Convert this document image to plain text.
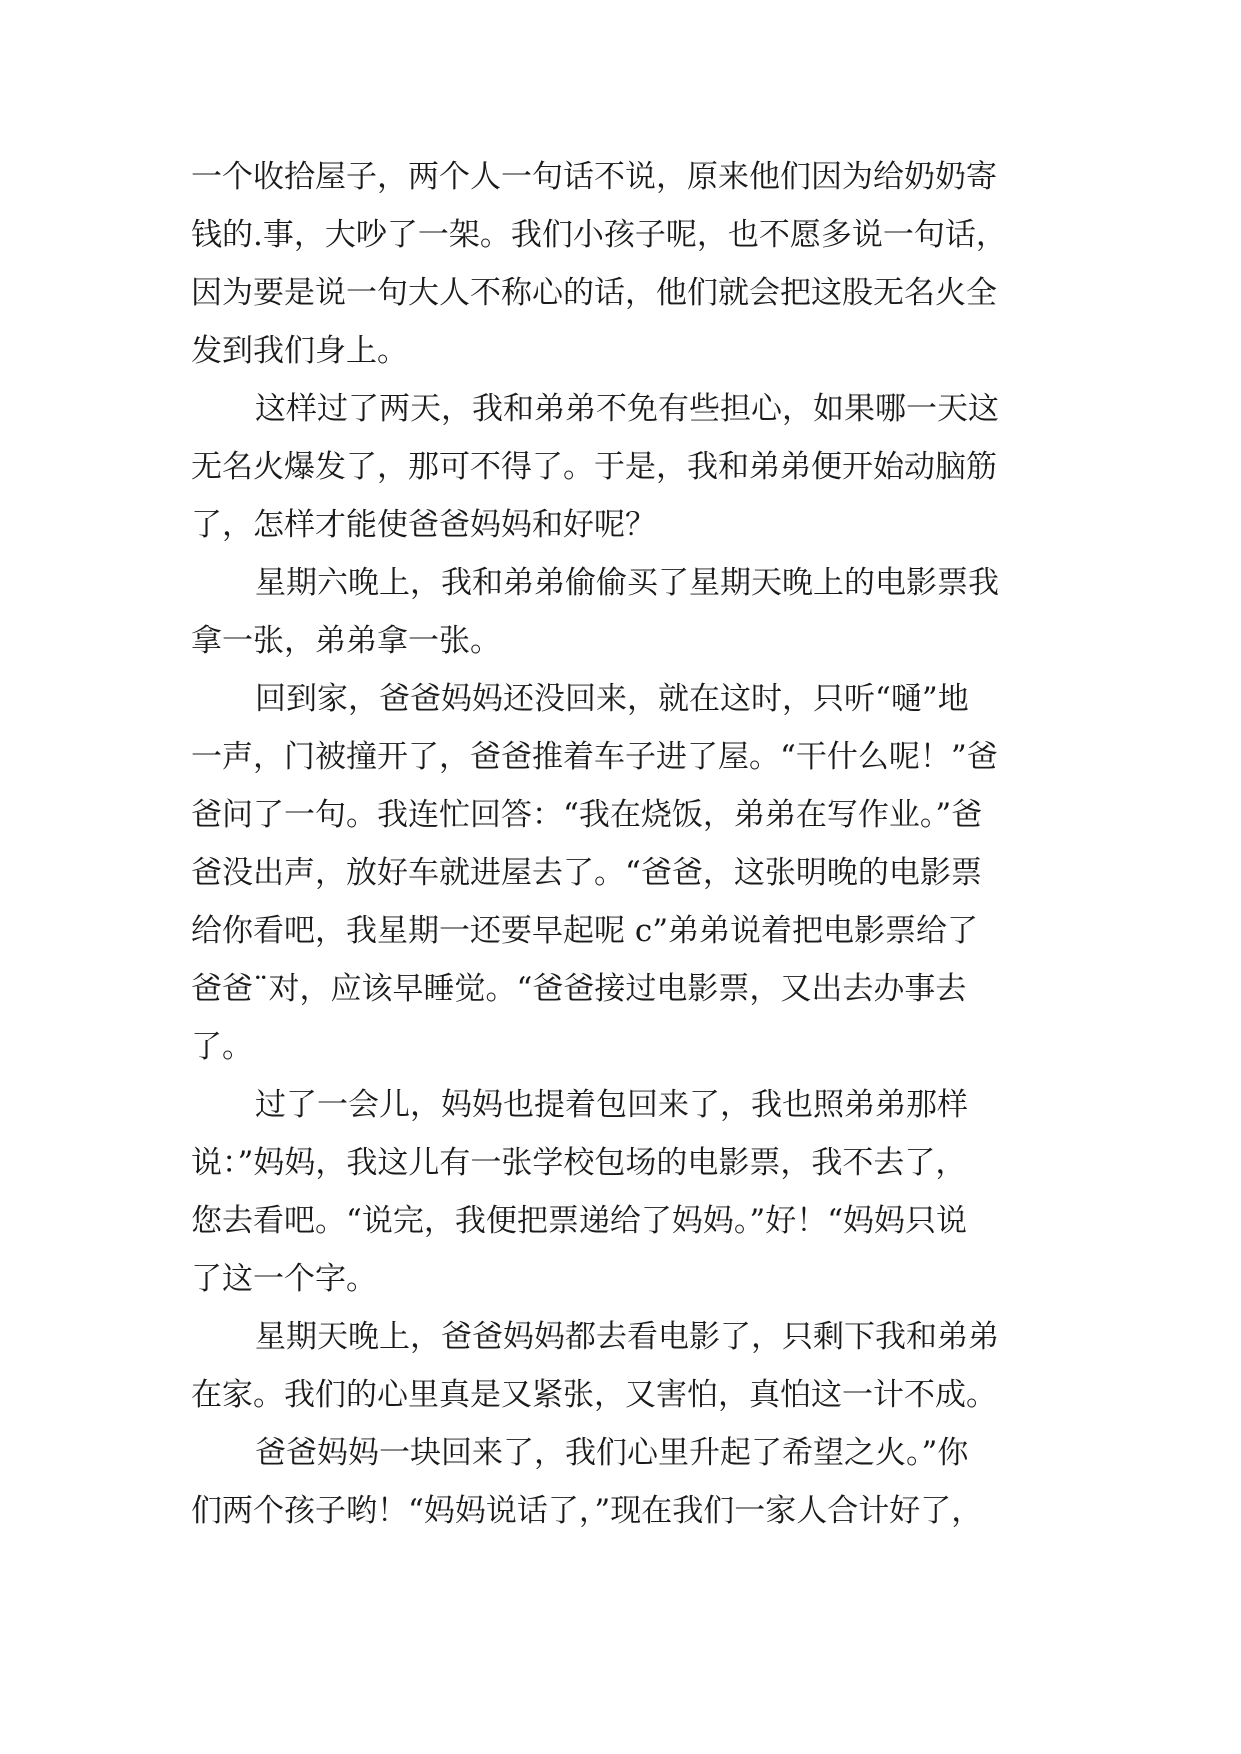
一个收拾屋子，两个人一句话不说，原来他们因为给奶奶寄
钱的.事，大吵了一架。我们小孩子呢，也不愿多说一句话，
因为要是说一句大人不称心的话，他们就会把这股无名火全
发到我们身上。
这样过了两天，我和弟弟不免有些担心，如果哪一天这
无名火爆发了，那可不得了。于是，我和弟弟便开始动脑筋
了，怎样才能使爸爸妈妈和好呢？
星期六晚上，我和弟弟偷偷买了星期天晚上的电影票我
拿一张，弟弟拿一张。
回到家，爸爸妈妈还没回来，就在这时，只听“嗵”地
一声，门被撞开了，爸爸推着车子进了屋。“干什么呢！”爸
爸问了一句。我连忙回答：“我在烧饭，弟弟在写作业。”爸
爸没出声，放好车就进屋去了。“爸爸，这张明晚的电影票
给你看吧，我星期一还要早起呢 c”弟弟说着把电影票给了
爸爸¨对，应该早睡觉。“爸爸接过电影票，又出去办事去
了。
过了一会儿，妈妈也提着包回来了，我也照弟弟那样
说：”妈妈，我这儿有一张学校包场的电影票，我不去了，
您去看吧。“说完，我便把票递给了妈妈。”好！“妈妈只说
了这一个字。
星期天晚上，爸爸妈妈都去看电影了，只剩下我和弟弟
在家。我们的心里真是又紧张，又害怕，真怕这一计不成。
爸爸妈妈一块回来了，我们心里升起了希望之火。”你
们两个孩子哟！“妈妈说话了，”现在我们一家人合计好了，
